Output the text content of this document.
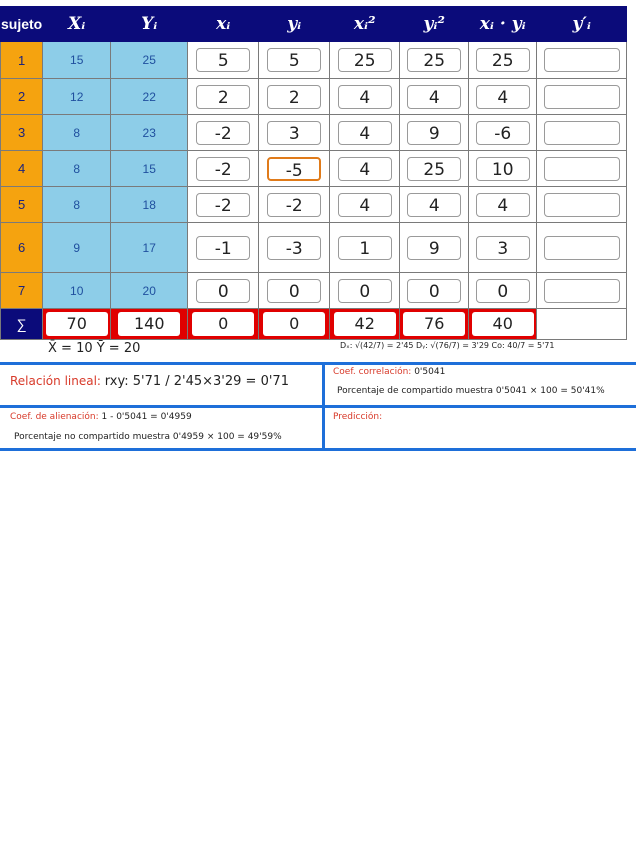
sujeto	Xᵢ	Yᵢ	xᵢ	yᵢ	xᵢ²	yᵢ²	xᵢ · yᵢ	y′ᵢ
1	15	25	5	5	25	25	25	

2	12	22	2	2	4	4	4	

3	8	23	-2	3	4	9	-6	

4	8	15	-2	-5	4	25	10	

5	8	18	-2	-2	4	4	4	

6	9	17	-1	-3	1	9	3	

7	10	20	0	0	0	0	0	

∑	70	140	0	0	42	76	40	

X̄ = 10 Ȳ = 20	Dₓ: √(42/7) = 2'45 Dᵧ: √(76/7) = 3'29 Co: 40/7 = 5'71
Relación lineal: rxy: 5'71 / 2'45×3'29 = 0'71
Coef. correlación: 0'5041
Porcentaje de compartido muestra 0'5041 × 100 = 50'41%
Coef. de alienación: 1 - 0'5041 = 0'4959
Porcentaje no compartido muestra 0'4959 × 100 = 49'59%
Predicción:
